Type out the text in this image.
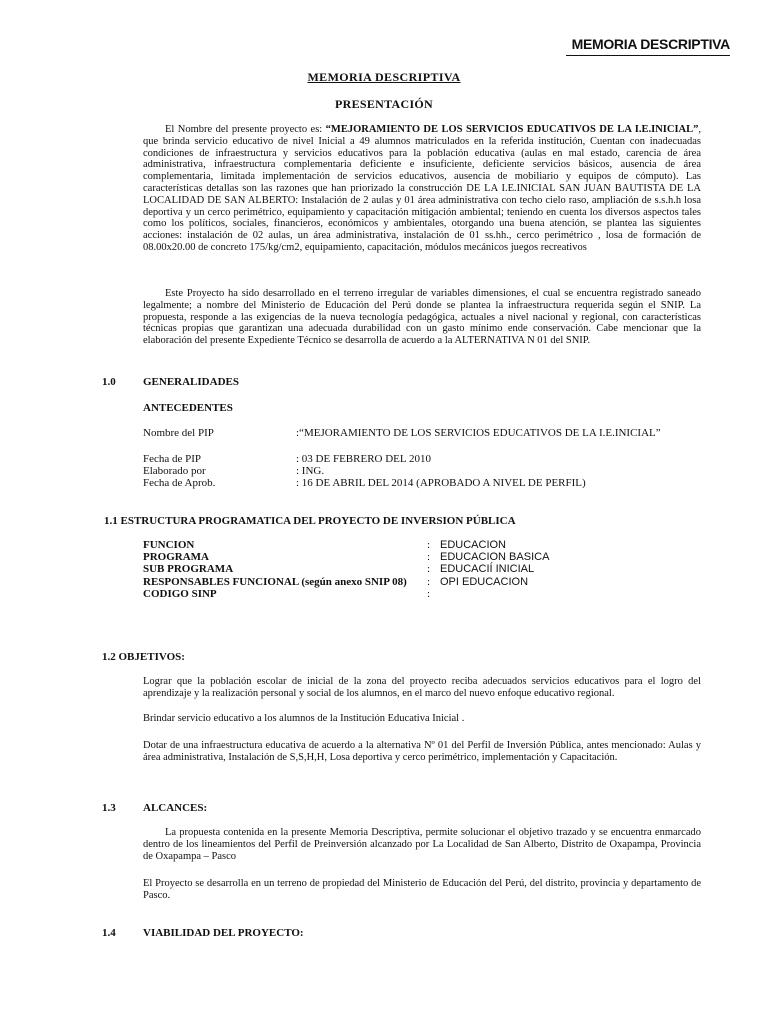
MEMORIA DESCRIPTIVA
MEMORIA DESCRIPTIVA
PRESENTACIÓN
El Nombre del presente proyecto es: “MEJORAMIENTO DE LOS SERVICIOS EDUCATIVOS DE LA I.E.INICIAL”, que brinda servicio educativo de nivel Inicial a 49 alumnos matriculados en la referida institución, Cuentan con inadecuadas condiciones de infraestructura y servicios educativos para la población educativa (aulas en mal estado, carencia de área administrativa, infraestructura complementaria deficiente e insuficiente, deficiente servicios básicos, ausencia de área complementaria, limitada implementación de servicios educativos, ausencia de mobiliario y equipos de cómputo). Las características detallas son las razones que han priorizado la construcción DE LA I.E.INICIAL SAN JUAN BAUTISTA DE LA LOCALIDAD DE SAN ALBERTO: Instalación de 2 aulas y 01 área administrativa con techo cielo raso, ampliación de s.s.h.h losa deportiva y un cerco perimétrico, equipamiento y capacitación mitigación ambiental; teniendo en cuenta los diversos aspectos tales como los políticos, sociales, financieros, económicos y ambientales, otorgando una buena atención, se plantea las siguientes acciones: instalación de 02 aulas, un área administrativa, instalación de 01 ss.hh., cerco perimétrico , losa de formación de 08.00x20.00 de concreto 175/kg/cm2, equipamiento, capacitación, módulos mecánicos juegos recreativos
Este Proyecto ha sido desarrollado en el terreno irregular de variables dimensiones, el cual se encuentra registrado saneado legalmente; a nombre del Ministerio de Educación del Perú donde se plantea la infraestructura requerida según el SNIP. La propuesta, responde a las exigencias de la nueva tecnología pedagógica, actuales a nivel nacional y regional, con características técnicas propias que garantizan una adecuada durabilidad con un gasto mínimo ende conservación. Cabe mencionar que la elaboración del presente Expediente Técnico se desarrolla de acuerdo a la ALTERNATIVA N 01 del SNIP.
1.0 GENERALIDADES
ANTECEDENTES
Nombre del PIP	:“MEJORAMIENTO DE LOS SERVICIOS EDUCATIVOS DE LA I.E.INICIAL”
Fecha de PIP	: 03 DE FEBRERO DEL 2010
Elaborado por	: ING.
Fecha de Aprob.	: 16 DE ABRIL DEL 2014 (APROBADO A NIVEL DE PERFIL)
1.1 ESTRUCTURA PROGRAMATICA DEL PROYECTO DE INVERSION PÚBLICA
FUNCION	: EDUCACION
PROGRAMA	: EDUCACION BASICA
SUB PROGRAMA	: EDUCACIÍ INICIAL
RESPONSABLES FUNCIONAL (según anexo SNIP 08) : OPI EDUCACION
CODIGO SINP	:
1.2 OBJETIVOS:
Lograr que la población escolar de inicial de la zona del proyecto reciba adecuados servicios educativos para el logro del aprendizaje y la realización personal y social de los alumnos, en el marco del nuevo enfoque educativo regional.
Brindar servicio educativo a los alumnos de la Institución Educativa Inicial .
Dotar de una infraestructura educativa de acuerdo a la alternativa Nº 01 del Perfil de Inversión Pública, antes mencionado: Aulas y área administrativa, Instalación de S,S,H,H, Losa deportiva y cerco perimétrico, implementación y Capacitación.
1.3 ALCANCES:
La propuesta contenida en la presente Memoria Descriptiva, permite solucionar el objetivo trazado y se encuentra enmarcado dentro de los lineamientos del Perfil de Preinversión alcanzado por La Localidad de San Alberto, Distrito de Oxapampa, Provincia de Oxapampa – Pasco
El Proyecto se desarrolla en un terreno de propiedad del Ministerio de Educación del Perú, del distrito, provincia y departamento de Pasco.
1.4 VIABILIDAD DEL PROYECTO:
